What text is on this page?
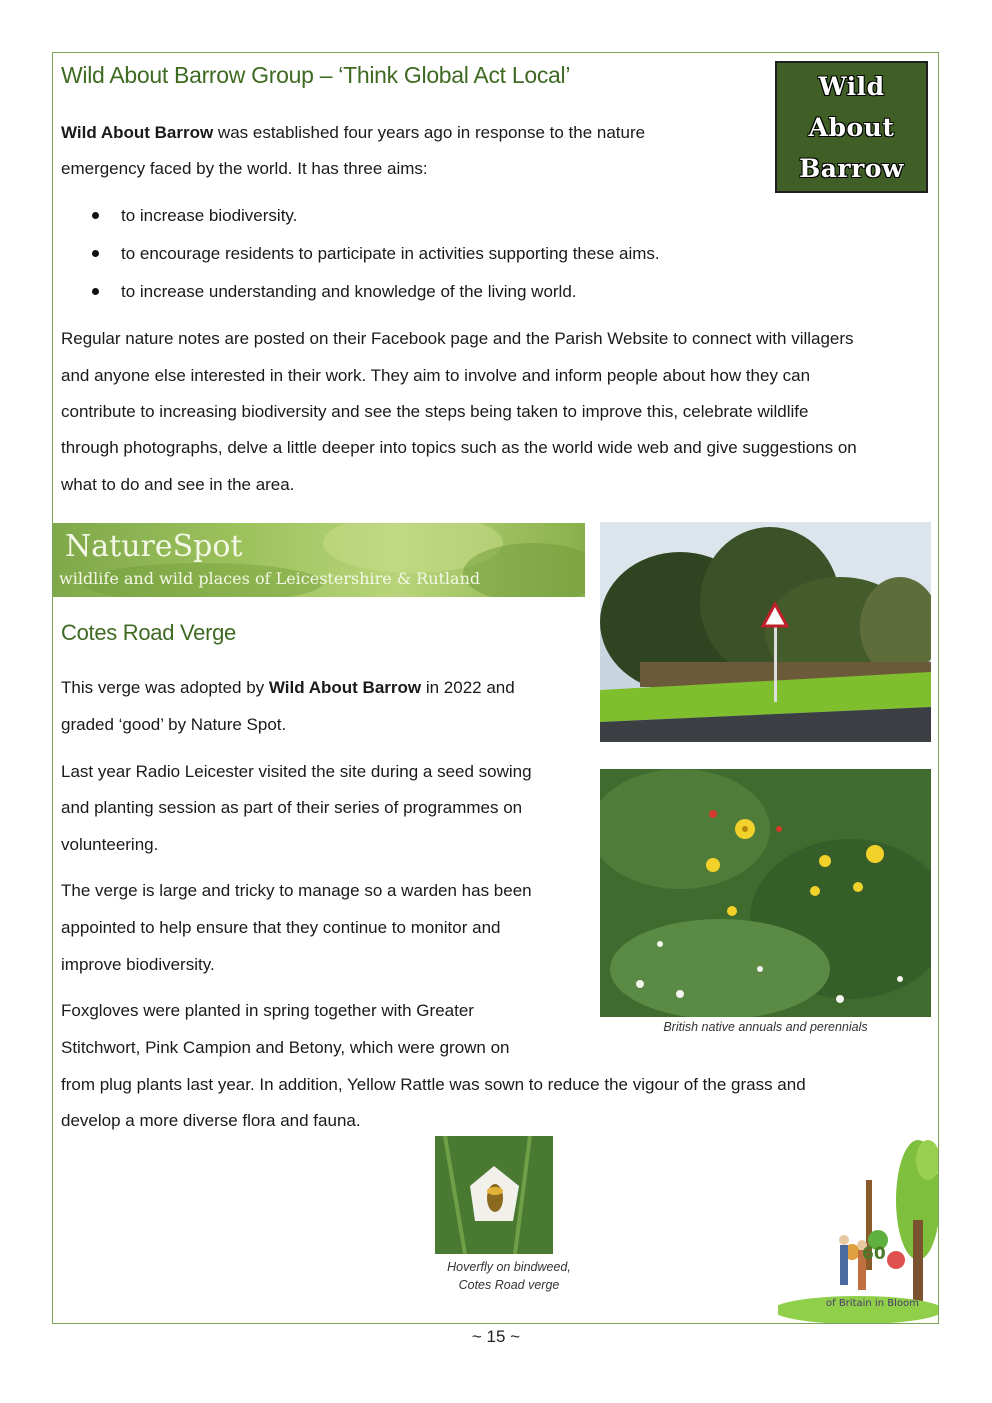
Wild About Barrow Group – ‘Think Global Act Local’	Wild
About
Barrow

Wild About Barrow was established four years ago in response to the nature

emergency faced by the world. It has three aims:

to increase biodiversity.
to encourage residents to participate in activities supporting these aims.
to increase understanding and knowledge of the living world.

Regular nature notes are posted on their Facebook page and the Parish Website to connect with villagers

and anyone else interested in their work. They aim to involve and inform people about how they can

contribute to increasing biodiversity and see the steps being taken to improve this, celebrate wildlife

through photographs, delve a little deeper into topics such as the world wide web and give suggestions on

what to do and see in the area.

NatureSpot
wildlife and wild places of Leicestershire & Rutland
Cotes Road Verge

This verge was adopted by Wild About Barrow in 2022 and

graded ‘good’ by Nature Spot.

Last year Radio Leicester visited the site during a seed sowing

and planting session as part of their series of programmes on

volunteering.

The verge is large and tricky to manage so a warden has been

appointed to help ensure that they continue to monitor and

improve biodiversity.

Foxgloves were planted in spring together with Greater

Stitchwort, Pink Campion and Betony, which were grown on

from plug plants last year. In addition, Yellow Rattle was sown to reduce the vigour of the grass and

develop a more diverse flora and fauna.

British native annuals and perennials
Hoverfly on bindweed,
Cotes Road verge
60
of Britain in Bloom
~ 15 ~
